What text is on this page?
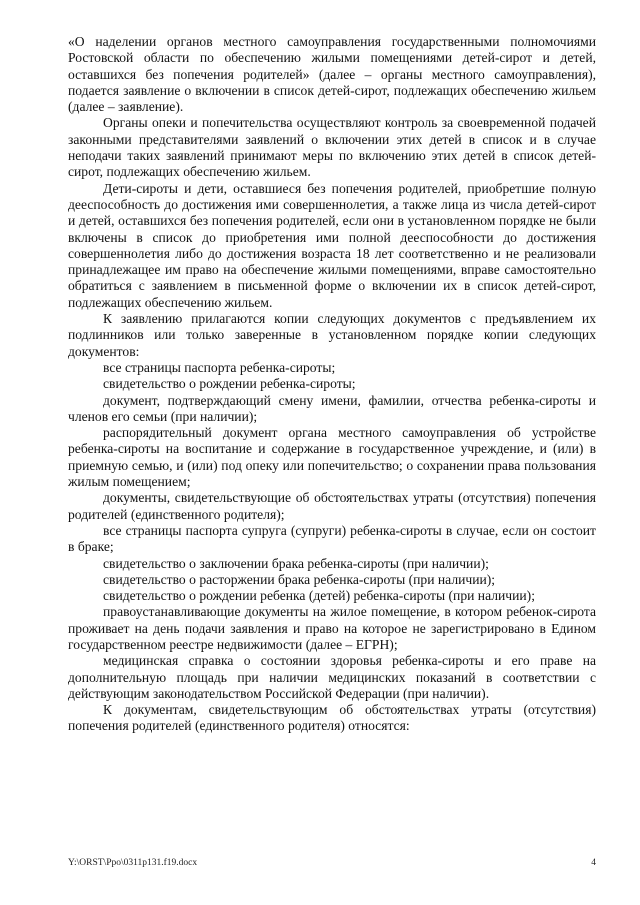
«О наделении органов местного самоуправления государственными полномочиями Ростовской области по обеспечению жилыми помещениями детей-сирот и детей, оставшихся без попечения родителей» (далее – органы местного самоуправления), подается заявление о включении в список детей-сирот, подлежащих обеспечению жильем (далее – заявление).

Органы опеки и попечительства осуществляют контроль за своевременной подачей законными представителями заявлений о включении этих детей в список и в случае неподачи таких заявлений принимают меры по включению этих детей в список детей-сирот, подлежащих обеспечению жильем.

Дети-сироты и дети, оставшиеся без попечения родителей, приобретшие полную дееспособность до достижения ими совершеннолетия, а также лица из числа детей-сирот и детей, оставшихся без попечения родителей, если они в установленном порядке не были включены в список до приобретения ими полной дееспособности до достижения совершеннолетия либо до достижения возраста 18 лет соответственно и не реализовали принадлежащее им право на обеспечение жилыми помещениями, вправе самостоятельно обратиться с заявлением в письменной форме о включении их в список детей-сирот, подлежащих обеспечению жильем.

К заявлению прилагаются копии следующих документов с предъявлением их подлинников или только заверенные в установленном порядке копии следующих документов:

все страницы паспорта ребенка-сироты;

свидетельство о рождении ребенка-сироты;

документ, подтверждающий смену имени, фамилии, отчества ребенка-сироты и членов его семьи (при наличии);

распорядительный документ органа местного самоуправления об устройстве ребенка-сироты на воспитание и содержание в государственное учреждение, и (или) в приемную семью, и (или) под опеку или попечительство; о сохранении права пользования жилым помещением;

документы, свидетельствующие об обстоятельствах утраты (отсутствия) попечения родителей (единственного родителя);

все страницы паспорта супруга (супруги) ребенка-сироты в случае, если он состоит в браке;

свидетельство о заключении брака ребенка-сироты (при наличии);

свидетельство о расторжении брака ребенка-сироты (при наличии);

свидетельство о рождении ребенка (детей) ребенка-сироты (при наличии);

правоустанавливающие документы на жилое помещение, в котором ребенок-сирота проживает на день подачи заявления и право на которое не зарегистрировано в Едином государственном реестре недвижимости (далее – ЕГРН);

медицинская справка о состоянии здоровья ребенка-сироты и его праве на дополнительную площадь при наличии медицинских показаний в соответствии с действующим законодательством Российской Федерации (при наличии).

К документам, свидетельствующим об обстоятельствах утраты (отсутствия) попечения родителей (единственного родителя) относятся:

Y:\ORST\Ppo\0311p131.f19.docx	4
